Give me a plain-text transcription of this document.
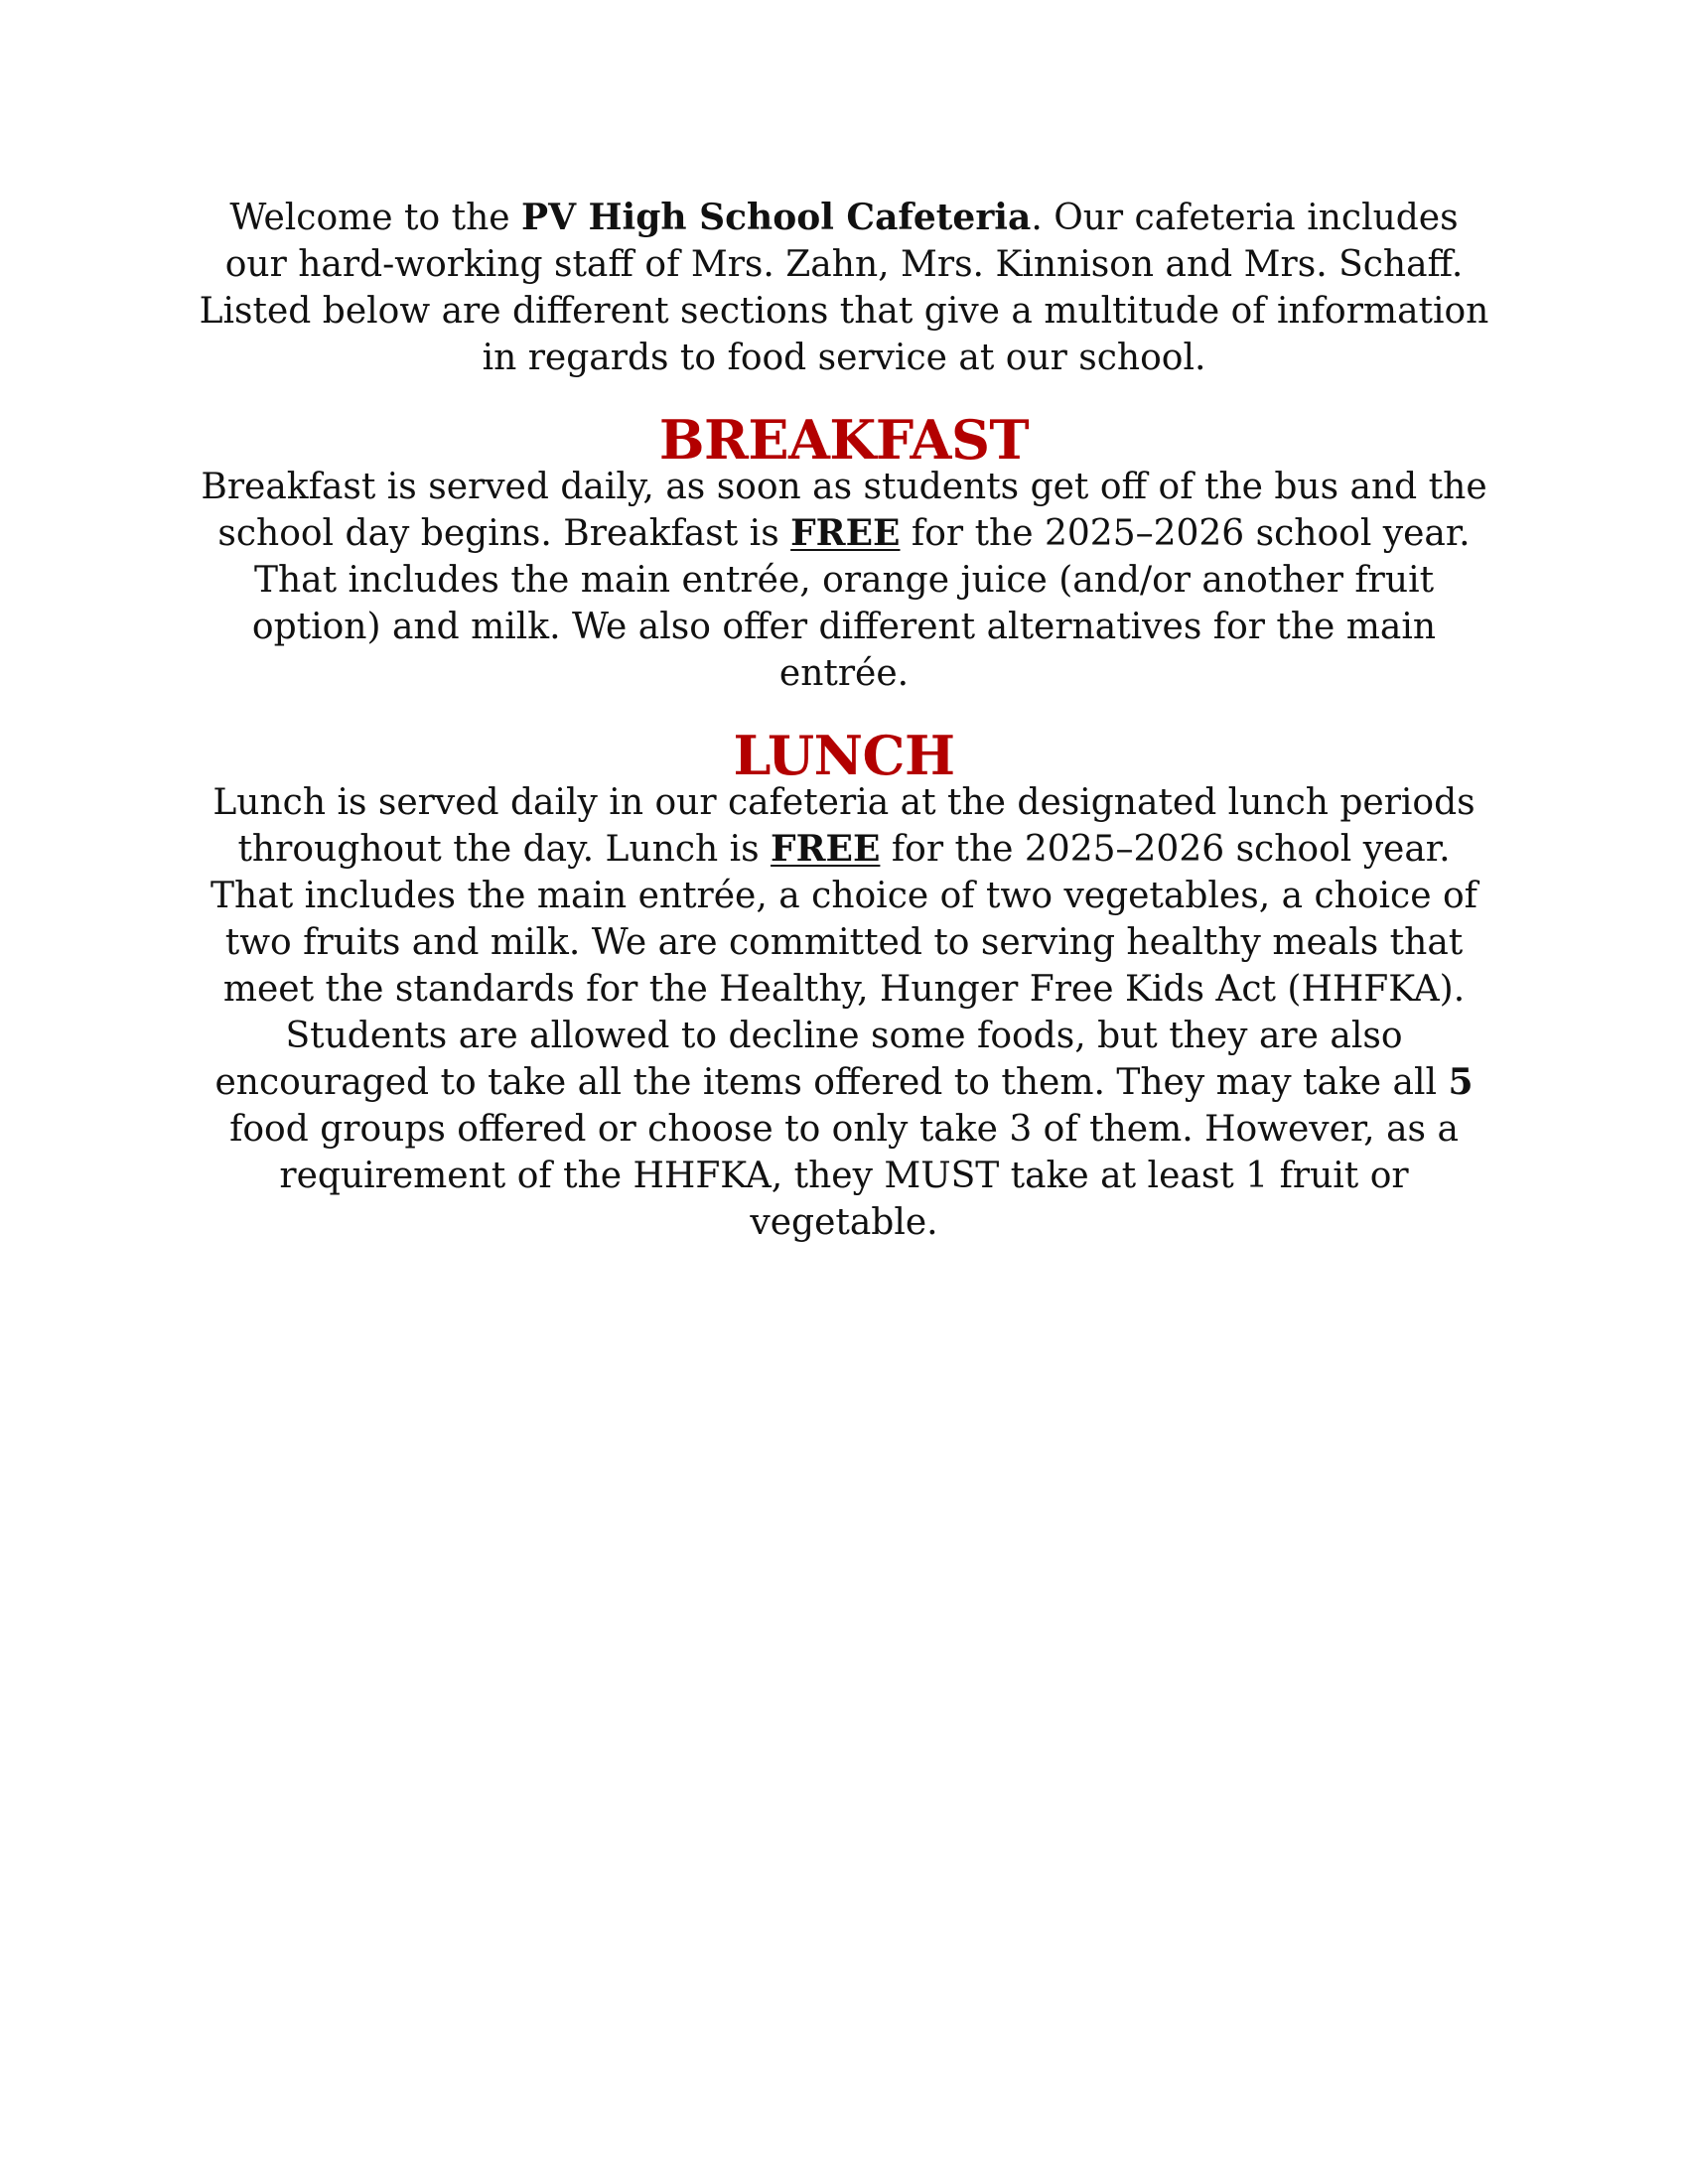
Welcome to the PV High School Cafeteria. Our cafeteria includes our hard-working staff of Mrs. Zahn, Mrs. Kinnison and Mrs. Schaff. Listed below are different sections that give a multitude of information in regards to food service at our school.

BREAKFAST

Breakfast is served daily, as soon as students get off of the bus and the school day begins. Breakfast is FREE for the 2025–2026 school year. That includes the main entrée, orange juice (and/or another fruit option) and milk. We also offer different alternatives for the main entrée.

LUNCH

Lunch is served daily in our cafeteria at the designated lunch periods throughout the day. Lunch is FREE for the 2025–2026 school year. That includes the main entrée, a choice of two vegetables, a choice of two fruits and milk. We are committed to serving healthy meals that meet the standards for the Healthy, Hunger Free Kids Act (HHFKA). Students are allowed to decline some foods, but they are also encouraged to take all the items offered to them. They may take all 5 food groups offered or choose to only take 3 of them. However, as a requirement of the HHFKA, they MUST take at least 1 fruit or vegetable.
